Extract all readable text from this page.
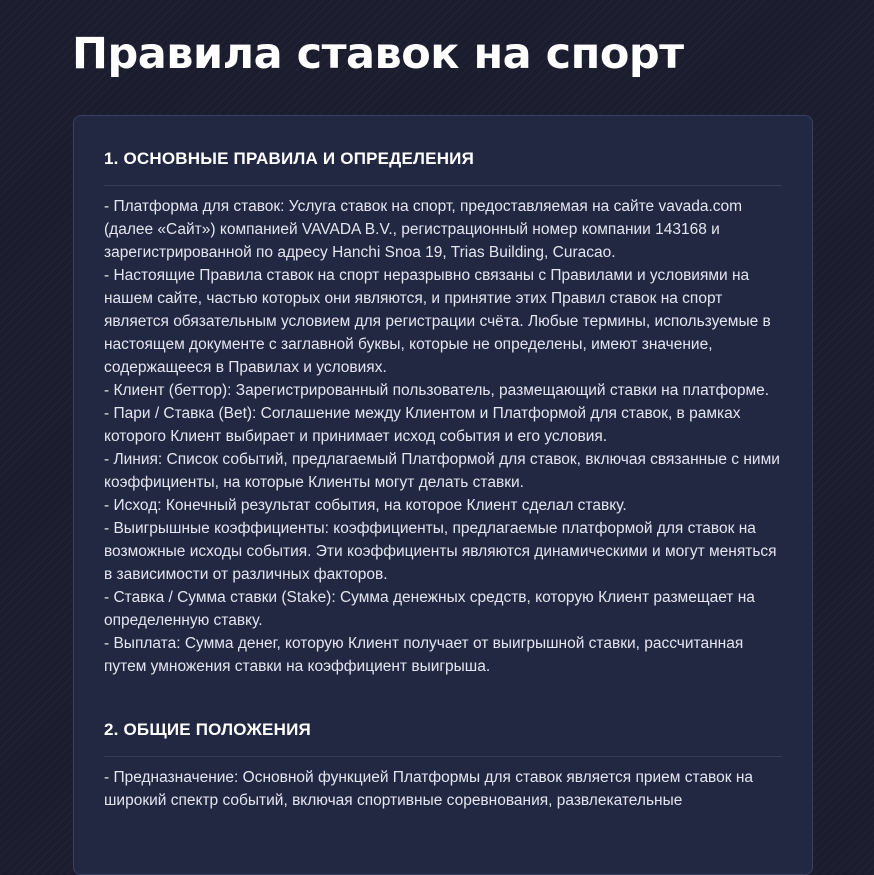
Правила ставок на спорт
1. ОСНОВНЫЕ ПРАВИЛА И ОПРЕДЕЛЕНИЯ

- Платформа для ставок: Услуга ставок на спорт, предоставляемая на сайте vavada.com (далее «Сайт») компанией VAVADA B.V., регистрационный номер компании 143168 и зарегистрированной по адресу Hanchi Snoa 19, Trias Building, Curacao.

- Настоящие Правила ставок на спорт неразрывно связаны с Правилами и условиями на нашем сайте, частью которых они являются, и принятие этих Правил ставок на спорт является обязательным условием для регистрации счёта. Любые термины, используемые в настоящем документе с заглавной буквы, которые не определены, имеют значение, содержащееся в Правилах и условиях.

- Клиент (беттор): Зарегистрированный пользователь, размещающий ставки на платформе.

- Пари / Ставка (Bet): Соглашение между Клиентом и Платформой для ставок, в рамках которого Клиент выбирает и принимает исход события и его условия.

- Линия: Список событий, предлагаемый Платформой для ставок, включая связанные с ними коэффициенты, на которые Клиенты могут делать ставки.

- Исход: Конечный результат события, на которое Клиент сделал ставку.

- Выигрышные коэффициенты: коэффициенты, предлагаемые платформой для ставок на возможные исходы события. Эти коэффициенты являются динамическими и могут меняться в зависимости от различных факторов.

- Ставка / Сумма ставки (Stake): Сумма денежных средств, которую Клиент размещает на определенную ставку.

- Выплата: Сумма денег, которую Клиент получает от выигрышной ставки, рассчитанная путем умножения ставки на коэффициент выигрыша.

2. ОБЩИЕ ПОЛОЖЕНИЯ

- Предназначение: Основной функцией Платформы для ставок является прием ставок на широкий спектр событий, включая спортивные соревнования, развлекательные
